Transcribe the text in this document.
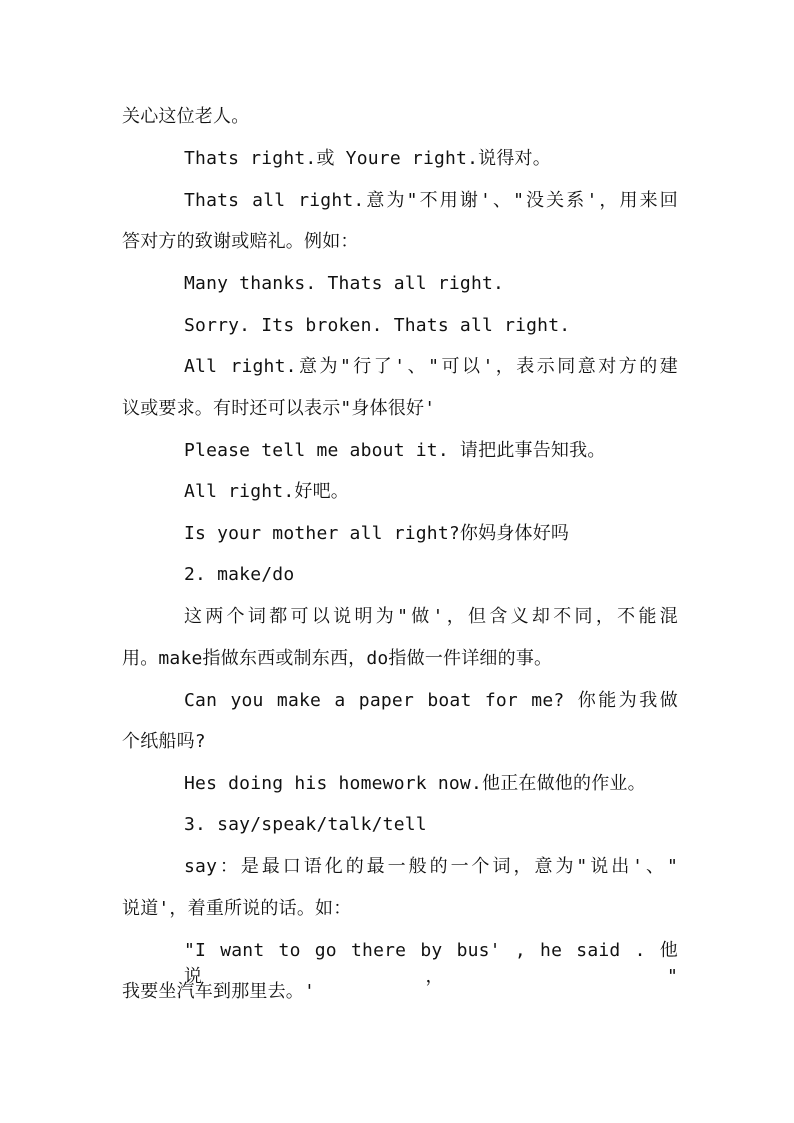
关心这位老人。
Thats right.或 Youre right.说得对。
Thats all right.意为"不用谢'、"没关系'，用来回
答对方的致谢或赔礼。例如：
Many thanks. Thats all right.
Sorry. Its broken. Thats all right.
All right.意为"行了'、"可以'，表示同意对方的建
议或要求。有时还可以表示"身体很好'
Please tell me about it. 请把此事告知我。
All right.好吧。
Is your mother all right?你妈身体好吗
2. make/do
这两个词都可以说明为"做'，但含义却不同，不能混
用。make指做东西或制东西，do指做一件详细的事。
Can you make a paper boat for me? 你能为我做
个纸船吗?
Hes doing his homework now.他正在做他的作业。
3. say/speak/talk/tell
say：是最口语化的最一般的一个词，意为"说出'、"
说道'，着重所说的话。如：
"I want to go there by bus' , he said . 他说，"
我要坐汽车到那里去。'
